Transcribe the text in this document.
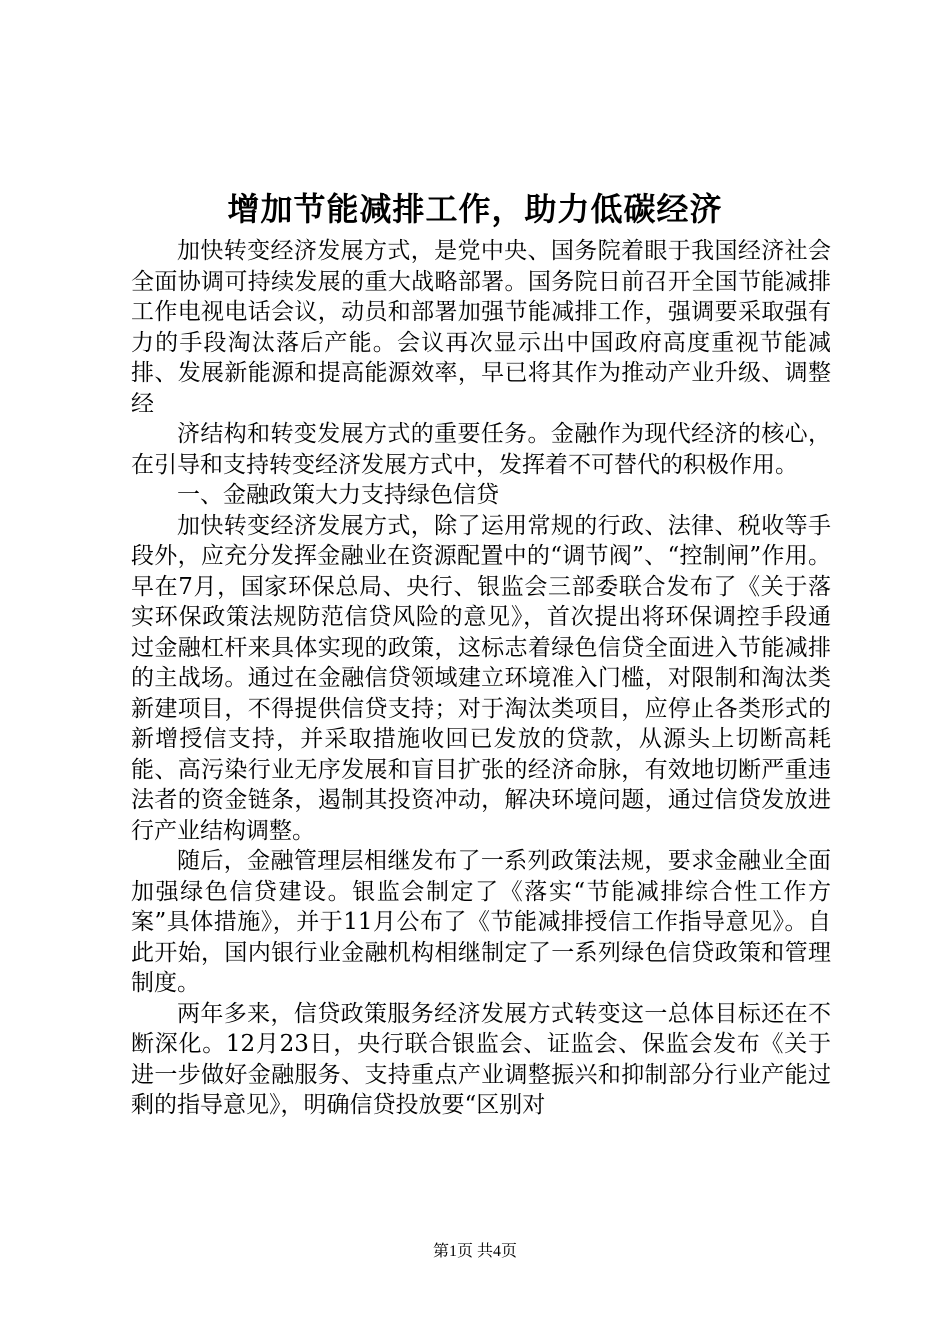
增加节能减排工作，助力低碳经济

加快转变经济发展方式，是党中央、国务院着眼于我国经济社会全面协调可持续发展的重大战略部署。国务院日前召开全国节能减排工作电视电话会议，动员和部署加强节能减排工作，强调要采取强有力的手段淘汰落后产能。会议再次显示出中国政府高度重视节能减排、发展新能源和提高能源效率，早已将其作为推动产业升级、调整经

济结构和转变发展方式的重要任务。金融作为现代经济的核心，在引导和支持转变经济发展方式中，发挥着不可替代的积极作用。

一、金融政策大力支持绿色信贷

加快转变经济发展方式，除了运用常规的行政、法律、税收等手段外，应充分发挥金融业在资源配置中的“调节阀”、“控制闸”作用。早在7月，国家环保总局、央行、银监会三部委联合发布了《关于落实环保政策法规防范信贷风险的意见》，首次提出将环保调控手段通过金融杠杆来具体实现的政策，这标志着绿色信贷全面进入节能减排的主战场。通过在金融信贷领域建立环境准入门槛，对限制和淘汰类新建项目，不得提供信贷支持；对于淘汰类项目，应停止各类形式的新增授信支持，并采取措施收回已发放的贷款，从源头上切断高耗能、高污染行业无序发展和盲目扩张的经济命脉，有效地切断严重违法者的资金链条，遏制其投资冲动，解决环境问题，通过信贷发放进行产业结构调整。

随后，金融管理层相继发布了一系列政策法规，要求金融业全面加强绿色信贷建设。银监会制定了《落实“节能减排综合性工作方案”具体措施》，并于11月公布了《节能减排授信工作指导意见》。自此开始，国内银行业金融机构相继制定了一系列绿色信贷政策和管理制度。

两年多来，信贷政策服务经济发展方式转变这一总体目标还在不断深化。12月23日，央行联合银监会、证监会、保监会发布《关于进一步做好金融服务、支持重点产业调整振兴和抑制部分行业产能过剩的指导意见》，明确信贷投放要“区别对

第1页 共4页
